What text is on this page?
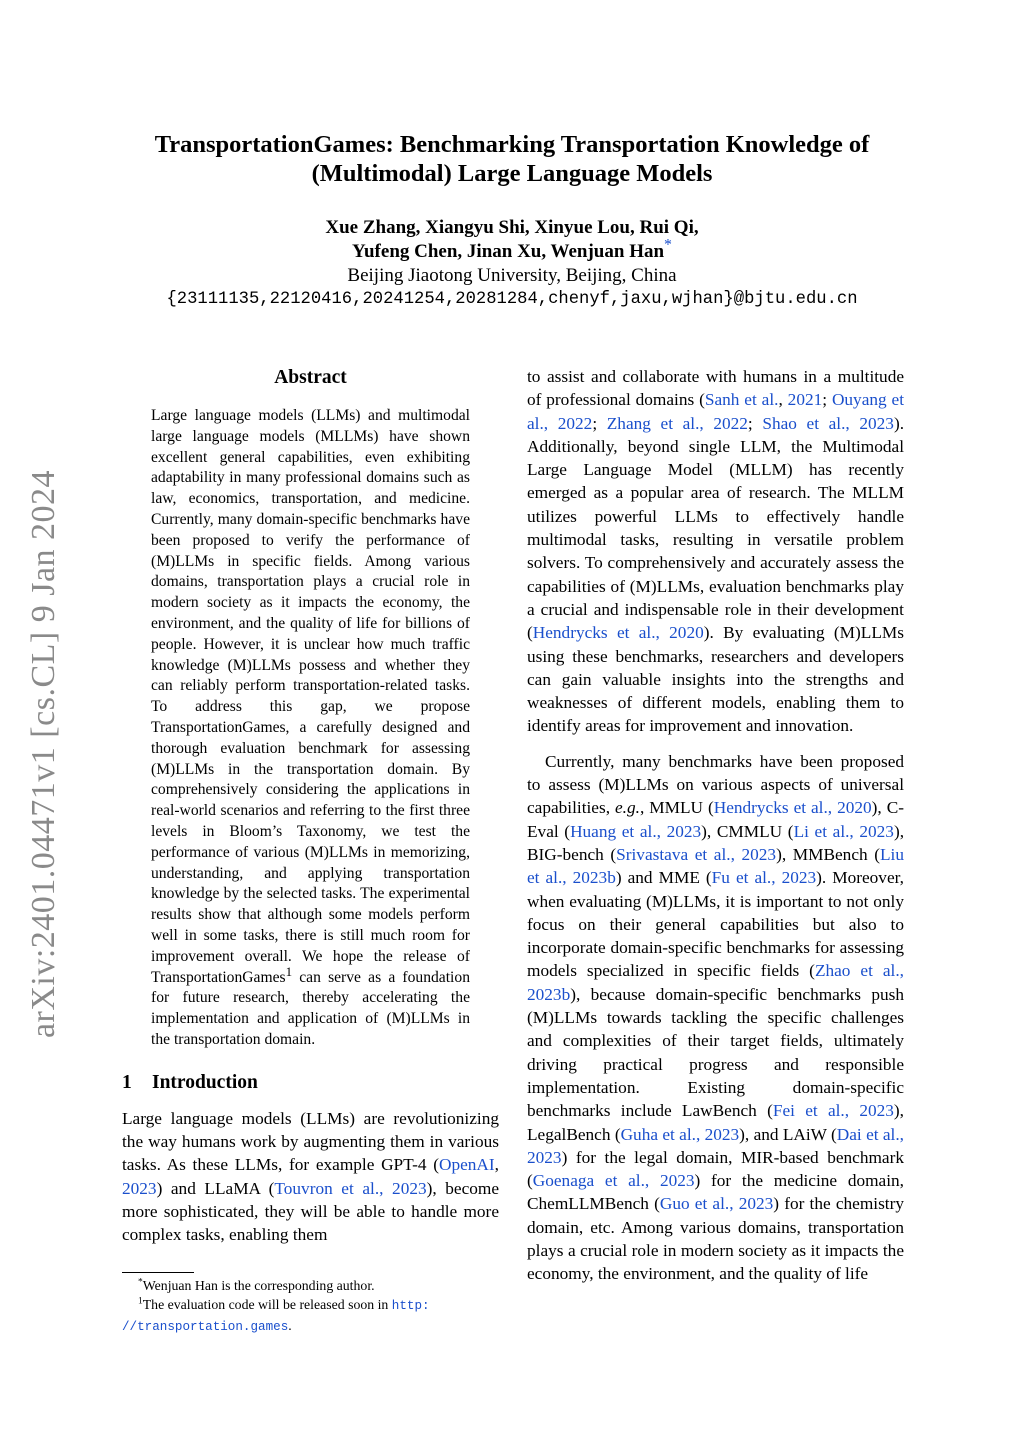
arXiv:2401.04471v1 [cs.CL] 9 Jan 2024
TransportationGames: Benchmarking Transportation Knowledge of
(Multimodal) Large Language Models
Xue Zhang, Xiangyu Shi, Xinyue Lou, Rui Qi,
Yufeng Chen, Jinan Xu, Wenjuan Han*
Beijing Jiaotong University, Beijing, China
{23111135,22120416,20241254,20281284,chenyf,jaxu,wjhan}@bjtu.edu.cn
Abstract

Large language models (LLMs) and multimodal large language models (MLLMs) have shown excellent general capabilities, even exhibiting adaptability in many professional domains such as law, economics, transportation, and medicine. Currently, many domain-specific benchmarks have been proposed to verify the performance of (M)LLMs in specific fields. Among various domains, transportation plays a crucial role in modern society as it impacts the economy, the environment, and the quality of life for billions of people. However, it is unclear how much traffic knowledge (M)LLMs possess and whether they can reliably perform transportation-related tasks. To address this gap, we propose TransportationGames, a carefully designed and thorough evaluation benchmark for assessing (M)LLMs in the transportation domain. By comprehensively considering the applications in real-world scenarios and referring to the first three levels in Bloom’s Taxonomy, we test the performance of various (M)LLMs in memorizing, understanding, and applying transportation knowledge by the selected tasks. The experimental results show that although some models perform well in some tasks, there is still much room for improvement overall. We hope the release of TransportationGames$^1$ can serve as a foundation for future research, thereby accelerating the implementation and application of (M)LLMs in the transportation domain.

1 Introduction

Large language models (LLMs) are revolutionizing the way humans work by augmenting them in various tasks. As these LLMs, for example GPT-4 (OpenAI, 2023) and LLaMA (Touvron et al., 2023), become more sophisticated, they will be able to handle more complex tasks, enabling them

*Wenjuan Han is the corresponding author.

$^1$The evaluation code will be released soon in http:
//transportation.games.

to assist and collaborate with humans in a multitude of professional domains (Sanh et al., 2021; Ouyang et al., 2022; Zhang et al., 2022; Shao et al., 2023). Additionally, beyond single LLM, the Multimodal Large Language Model (MLLM) has recently emerged as a popular area of research. The MLLM utilizes powerful LLMs to effectively handle multimodal tasks, resulting in versatile problem solvers. To comprehensively and accurately assess the capabilities of (M)LLMs, evaluation benchmarks play a crucial and indispensable role in their development (Hendrycks et al., 2020). By evaluating (M)LLMs using these benchmarks, researchers and developers can gain valuable insights into the strengths and weaknesses of different models, enabling them to identify areas for improvement and innovation.

Currently, many benchmarks have been proposed to assess (M)LLMs on various aspects of universal capabilities, e.g., MMLU (Hendrycks et al., 2020), C-Eval (Huang et al., 2023), CMMLU (Li et al., 2023), BIG-bench (Srivastava et al., 2023), MMBench (Liu et al., 2023b) and MME (Fu et al., 2023). Moreover, when evaluating (M)LLMs, it is important to not only focus on their general capabilities but also to incorporate domain-specific benchmarks for assessing models specialized in specific fields (Zhao et al., 2023b), because domain-specific benchmarks push (M)LLMs towards tackling the specific challenges and complexities of their target fields, ultimately driving practical progress and responsible implementation. Existing domain-specific benchmarks include LawBench (Fei et al., 2023), LegalBench (Guha et al., 2023), and LAiW (Dai et al., 2023) for the legal domain, MIR-based benchmark (Goenaga et al., 2023) for the medicine domain, ChemLLMBench (Guo et al., 2023) for the chemistry domain, etc. Among various domains, transportation plays a crucial role in modern society as it impacts the economy, the environment, and the quality of life
